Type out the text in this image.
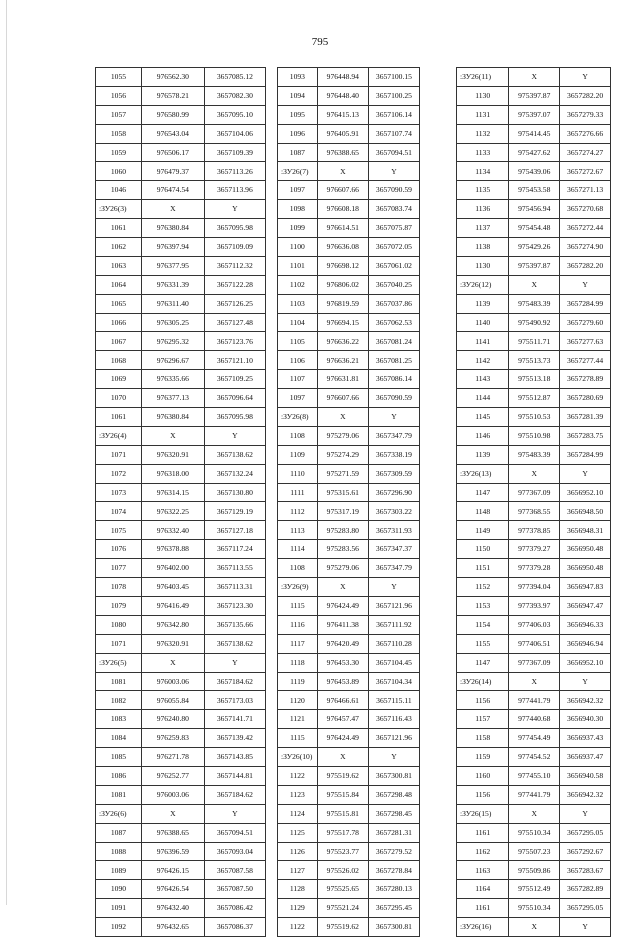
795
1055	976562.30	3657085.12
1056	976578.21	3657082.30
1057	976580.99	3657095.10
1058	976543.04	3657104.06
1059	976506.17	3657109.39
1060	976479.37	3657113.26
1046	976474.54	3657113.96
:ЗУ26(3)	X	Y
1061	976380.84	3657095.98
1062	976397.94	3657109.09
1063	976377.95	3657112.32
1064	976331.39	3657122.28
1065	976311.40	3657126.25
1066	976305.25	3657127.48
1067	976295.32	3657123.76
1068	976296.67	3657121.10
1069	976335.66	3657109.25
1070	976377.13	3657096.64
1061	976380.84	3657095.98
:ЗУ26(4)	X	Y
1071	976320.91	3657138.62
1072	976318.00	3657132.24
1073	976314.15	3657130.80
1074	976322.25	3657129.19
1075	976332.40	3657127.18
1076	976378.88	3657117.24
1077	976402.00	3657113.55
1078	976403.45	3657113.31
1079	976416.49	3657123.30
1080	976342.80	3657135.66
1071	976320.91	3657138.62
:ЗУ26(5)	X	Y
1081	976003.06	3657184.62
1082	976055.84	3657173.03
1083	976240.80	3657141.71
1084	976259.83	3657139.42
1085	976271.78	3657143.85
1086	976252.77	3657144.81
1081	976003.06	3657184.62
:ЗУ26(6)	X	Y
1087	976388.65	3657094.51
1088	976396.59	3657093.04
1089	976426.15	3657087.58
1090	976426.54	3657087.50
1091	976432.40	3657086.42
1092	976432.65	3657086.37
1093	976448.94	3657100.15
1094	976448.40	3657100.25
1095	976415.13	3657106.14
1096	976405.91	3657107.74
1087	976388.65	3657094.51
:ЗУ26(7)	X	Y
1097	976607.66	3657090.59
1098	976608.18	3657083.74
1099	976614.51	3657075.87
1100	976636.08	3657072.05
1101	976698.12	3657061.02
1102	976806.02	3657040.25
1103	976819.59	3657037.86
1104	976694.15	3657062.53
1105	976636.22	3657081.24
1106	976636.21	3657081.25
1107	976631.81	3657086.14
1097	976607.66	3657090.59
:ЗУ26(8)	X	Y
1108	975279.06	3657347.79
1109	975274.29	3657338.19
1110	975271.59	3657309.59
1111	975315.61	3657296.90
1112	975317.19	3657303.22
1113	975283.80	3657311.93
1114	975283.56	3657347.37
1108	975279.06	3657347.79
:ЗУ26(9)	X	Y
1115	976424.49	3657121.96
1116	976411.38	3657111.92
1117	976420.49	3657110.28
1118	976453.30	3657104.45
1119	976453.89	3657104.34
1120	976466.61	3657115.11
1121	976457.47	3657116.43
1115	976424.49	3657121.96
:ЗУ26(10)	X	Y
1122	975519.62	3657300.81
1123	975515.84	3657298.48
1124	975515.81	3657298.45
1125	975517.78	3657281.31
1126	975523.77	3657279.52
1127	975526.02	3657278.84
1128	975525.65	3657280.13
1129	975521.24	3657295.45
1122	975519.62	3657300.81
:ЗУ26(11)	X	Y
1130	975397.87	3657282.20
1131	975397.07	3657279.33
1132	975414.45	3657276.66
1133	975427.62	3657274.27
1134	975439.06	3657272.67
1135	975453.58	3657271.13
1136	975456.94	3657270.68
1137	975454.48	3657272.44
1138	975429.26	3657274.90
1130	975397.87	3657282.20
:ЗУ26(12)	X	Y
1139	975483.39	3657284.99
1140	975490.92	3657279.60
1141	975511.71	3657277.63
1142	975513.73	3657277.44
1143	975513.18	3657278.89
1144	975512.87	3657280.69
1145	975510.53	3657281.39
1146	975510.98	3657283.75
1139	975483.39	3657284.99
:ЗУ26(13)	X	Y
1147	977367.09	3656952.10
1148	977368.55	3656948.50
1149	977378.85	3656948.31
1150	977379.27	3656950.48
1151	977379.28	3656950.48
1152	977394.04	3656947.83
1153	977393.97	3656947.47
1154	977406.03	3656946.33
1155	977406.51	3656946.94
1147	977367.09	3656952.10
:ЗУ26(14)	X	Y
1156	977441.79	3656942.32
1157	977440.68	3656940.30
1158	977454.49	3656937.43
1159	977454.52	3656937.47
1160	977455.10	3656940.58
1156	977441.79	3656942.32
:ЗУ26(15)	X	Y
1161	975510.34	3657295.05
1162	975507.23	3657292.67
1163	975509.86	3657283.67
1164	975512.49	3657282.89
1161	975510.34	3657295.05
:ЗУ26(16)	X	Y
